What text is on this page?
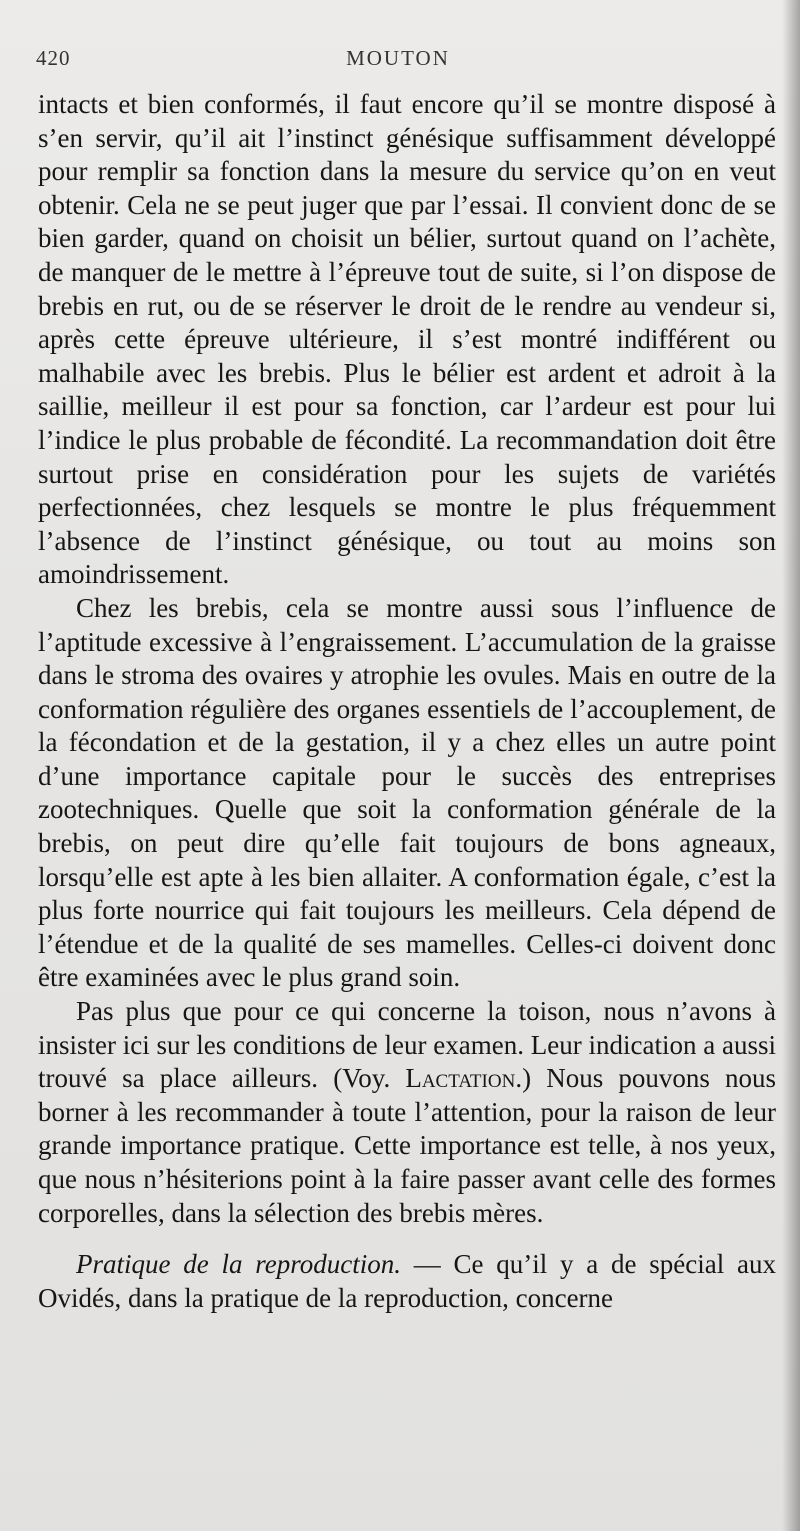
420	MOUTON

intacts et bien conformés, il faut encore qu’il se montre disposé à s’en servir, qu’il ait l’instinct génésique suffisamment développé pour remplir sa fonction dans la mesure du service qu’on en veut obtenir. Cela ne se peut juger que par l’essai. Il convient donc de se bien garder, quand on choisit un bélier, surtout quand on l’achète, de manquer de le mettre à l’épreuve tout de suite, si l’on dispose de brebis en rut, ou de se réserver le droit de le rendre au vendeur si, après cette épreuve ultérieure, il s’est montré indifférent ou malhabile avec les brebis. Plus le bélier est ardent et adroit à la saillie, meilleur il est pour sa fonction, car l’ardeur est pour lui l’indice le plus probable de fécondité. La recommandation doit être surtout prise en considération pour les sujets de variétés perfectionnées, chez lesquels se montre le plus fréquemment l’absence de l’instinct génésique, ou tout au moins son amoindrissement.

Chez les brebis, cela se montre aussi sous l’influence de l’aptitude excessive à l’engraissement. L’accumulation de la graisse dans le stroma des ovaires y atrophie les ovules. Mais en outre de la conformation régulière des organes essentiels de l’accouplement, de la fécondation et de la gestation, il y a chez elles un autre point d’une importance capitale pour le succès des entreprises zootechniques. Quelle que soit la conformation générale de la brebis, on peut dire qu’elle fait toujours de bons agneaux, lorsqu’elle est apte à les bien allaiter. A conformation égale, c’est la plus forte nourrice qui fait toujours les meilleurs. Cela dépend de l’étendue et de la qualité de ses mamelles. Celles-ci doivent donc être examinées avec le plus grand soin.

Pas plus que pour ce qui concerne la toison, nous n’avons à insister ici sur les conditions de leur examen. Leur indication a aussi trouvé sa place ailleurs. (Voy. Lactation.) Nous pouvons nous borner à les recommander à toute l’attention, pour la raison de leur grande importance pratique. Cette importance est telle, à nos yeux, que nous n’hésiterions point à la faire passer avant celle des formes corporelles, dans la sélection des brebis mères.

Pratique de la reproduction. — Ce qu’il y a de spécial aux Ovidés, dans la pratique de la reproduction, concerne
